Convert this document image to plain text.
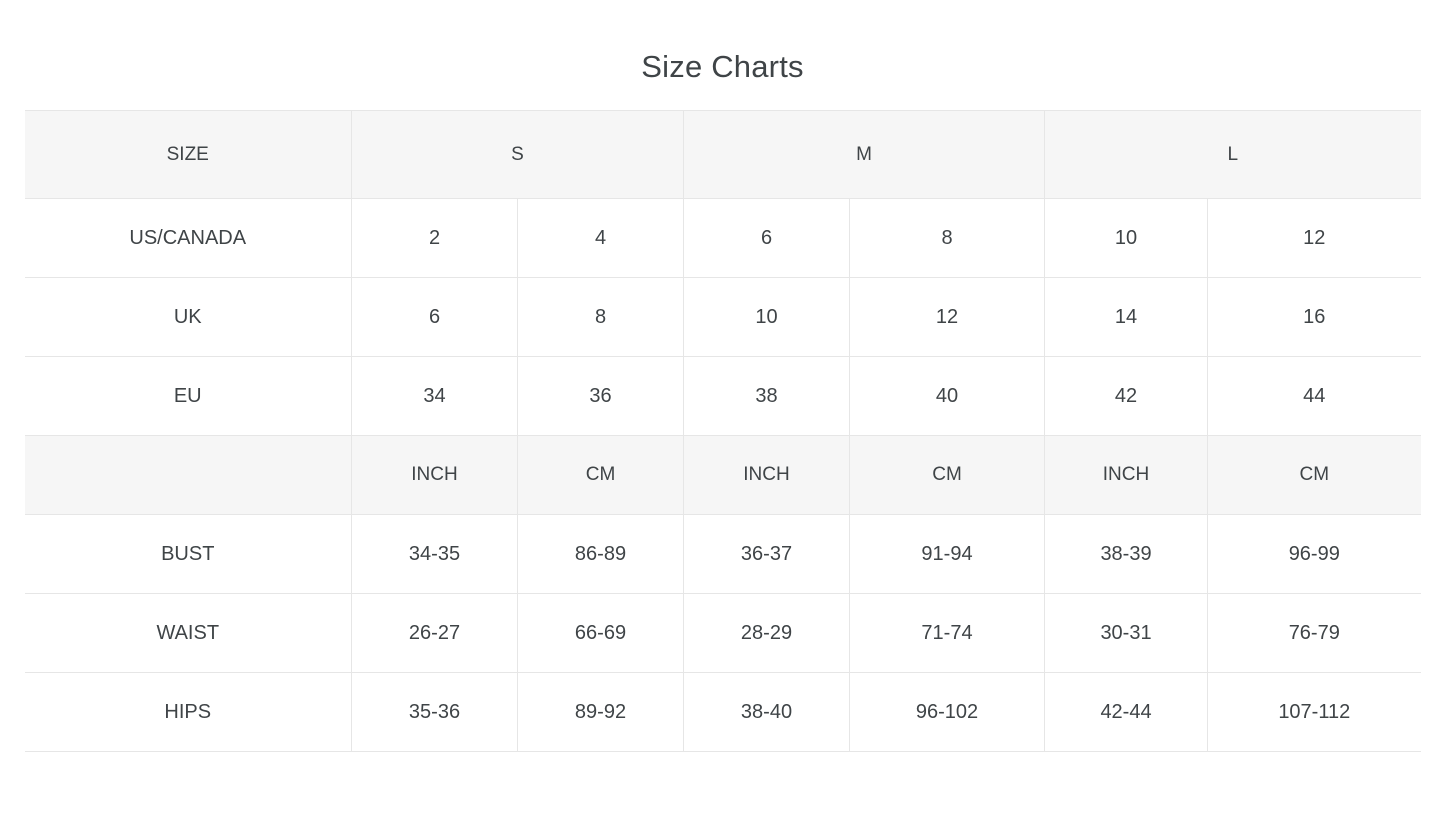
Size Charts
SIZE	S		M		L	
US/CANADA	2	4	6	8	10	12
UK	6	8	10	12	14	16
EU	34	36	38	40	42	44
	INCH	CM	INCH	CM	INCH	CM
BUST	34-35	86-89	36-37	91-94	38-39	96-99
WAIST	26-27	66-69	28-29	71-74	30-31	76-79
HIPS	35-36	89-92	38-40	96-102	42-44	107-112
